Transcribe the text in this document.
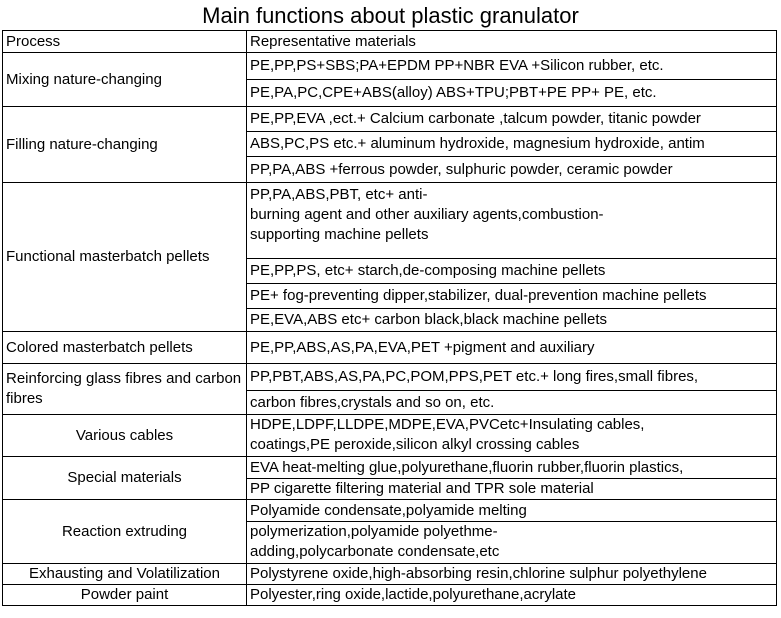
Main functions about plastic granulator
Process	Representative materials
Mixing nature-changing	PE,PP,PS+SBS;PA+EPDM PP+NBR EVA +Silicon rubber, etc.

	PE,PA,PC,CPE+ABS(alloy) ABS+TPU;PBT+PE PP+ PE, etc.

Filling nature-changing	PE,PP,EVA ,ect.+ Calcium carbonate ,talcum powder, titanic powder

	ABS,PC,PS etc.+ aluminum hydroxide, magnesium hydroxide, antim

	PP,PA,ABS +ferrous powder, sulphuric powder, ceramic powder

Functional masterbatch pellets	PP,PA,ABS,PBT, etc+ anti-
burning agent and other auxiliary agents,combustion-
supporting machine pellets

	PE,PP,PS, etc+ starch,de-composing machine pellets

	PE+ fog-preventing dipper,stabilizer, dual-prevention machine pellets

	PE,EVA,ABS etc+ carbon black,black machine pellets

Colored masterbatch pellets	PE,PP,ABS,AS,PA,EVA,PET +pigment and auxiliary

Reinforcing glass fibres and carbon fibres	PP,PBT,ABS,AS,PA,PC,POM,PPS,PET etc.+ long fires,small fibres,

	carbon fibres,crystals and so on, etc.

Various cables	HDPE,LDPF,LLDPE,MDPE,EVA,PVCetc+Insulating cables,
coatings,PE peroxide,silicon alkyl crossing cables

Special materials	EVA heat-melting glue,polyurethane,fluorin rubber,fluorin plastics,

	PP cigarette filtering material and TPR sole material

Reaction extruding	Polyamide condensate,polyamide melting

	polymerization,polyamide polyethme-
adding,polycarbonate condensate,etc

Exhausting and Volatilization	Polystyrene oxide,high-absorbing resin,chlorine sulphur polyethylene

Powder paint	Polyester,ring oxide,lactide,polyurethane,acrylate
